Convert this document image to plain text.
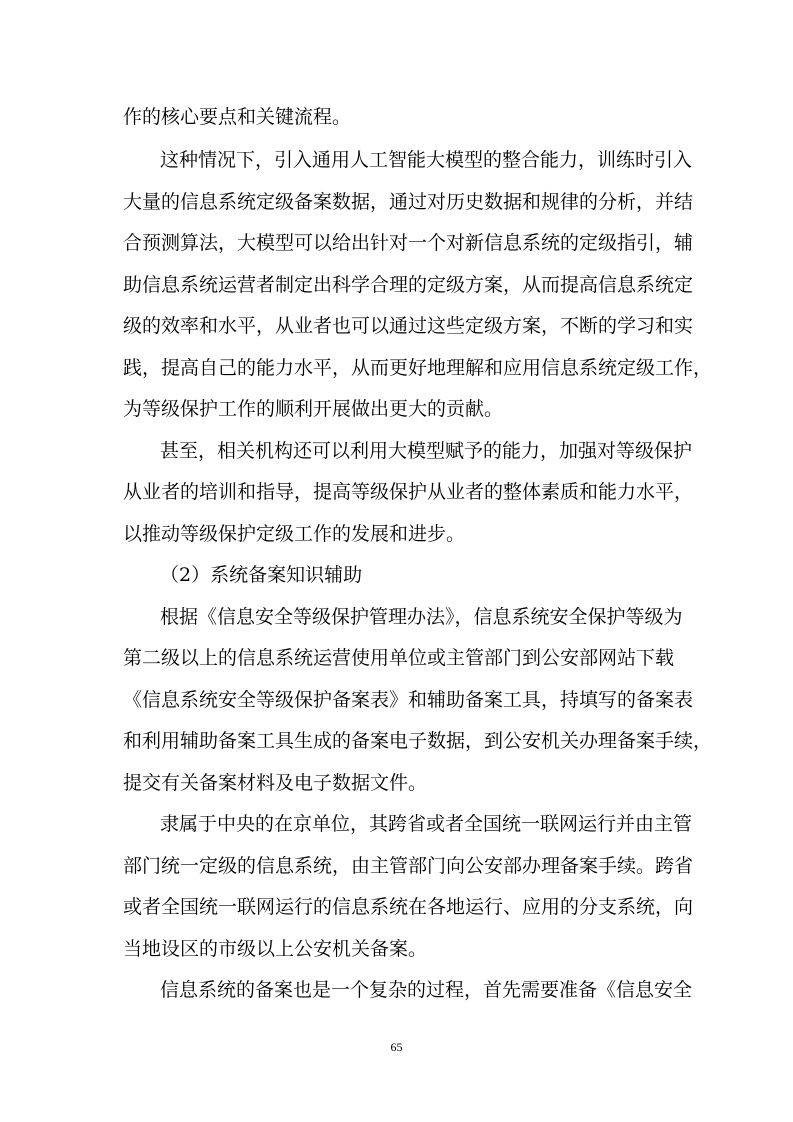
作的核心要点和关键流程。
这种情况下，引入通用人工智能大模型的整合能力，训练时引入
大量的信息系统定级备案数据，通过对历史数据和规律的分析，并结
合预测算法，大模型可以给出针对一个对新信息系统的定级指引，辅
助信息系统运营者制定出科学合理的定级方案，从而提高信息系统定
级的效率和水平，从业者也可以通过这些定级方案，不断的学习和实
践，提高自己的能力水平，从而更好地理解和应用信息系统定级工作，
为等级保护工作的顺利开展做出更大的贡献。
甚至，相关机构还可以利用大模型赋予的能力，加强对等级保护
从业者的培训和指导，提高等级保护从业者的整体素质和能力水平，
以推动等级保护定级工作的发展和进步。
（2）系统备案知识辅助
根据《信息安全等级保护管理办法》，信息系统安全保护等级为
第二级以上的信息系统运营使用单位或主管部门到公安部网站下载
《信息系统安全等级保护备案表》和辅助备案工具，持填写的备案表
和利用辅助备案工具生成的备案电子数据，到公安机关办理备案手续，
提交有关备案材料及电子数据文件。
隶属于中央的在京单位，其跨省或者全国统一联网运行并由主管
部门统一定级的信息系统，由主管部门向公安部办理备案手续。跨省
或者全国统一联网运行的信息系统在各地运行、应用的分支系统，向
当地设区的市级以上公安机关备案。
信息系统的备案也是一个复杂的过程，首先需要准备《信息安全
65
